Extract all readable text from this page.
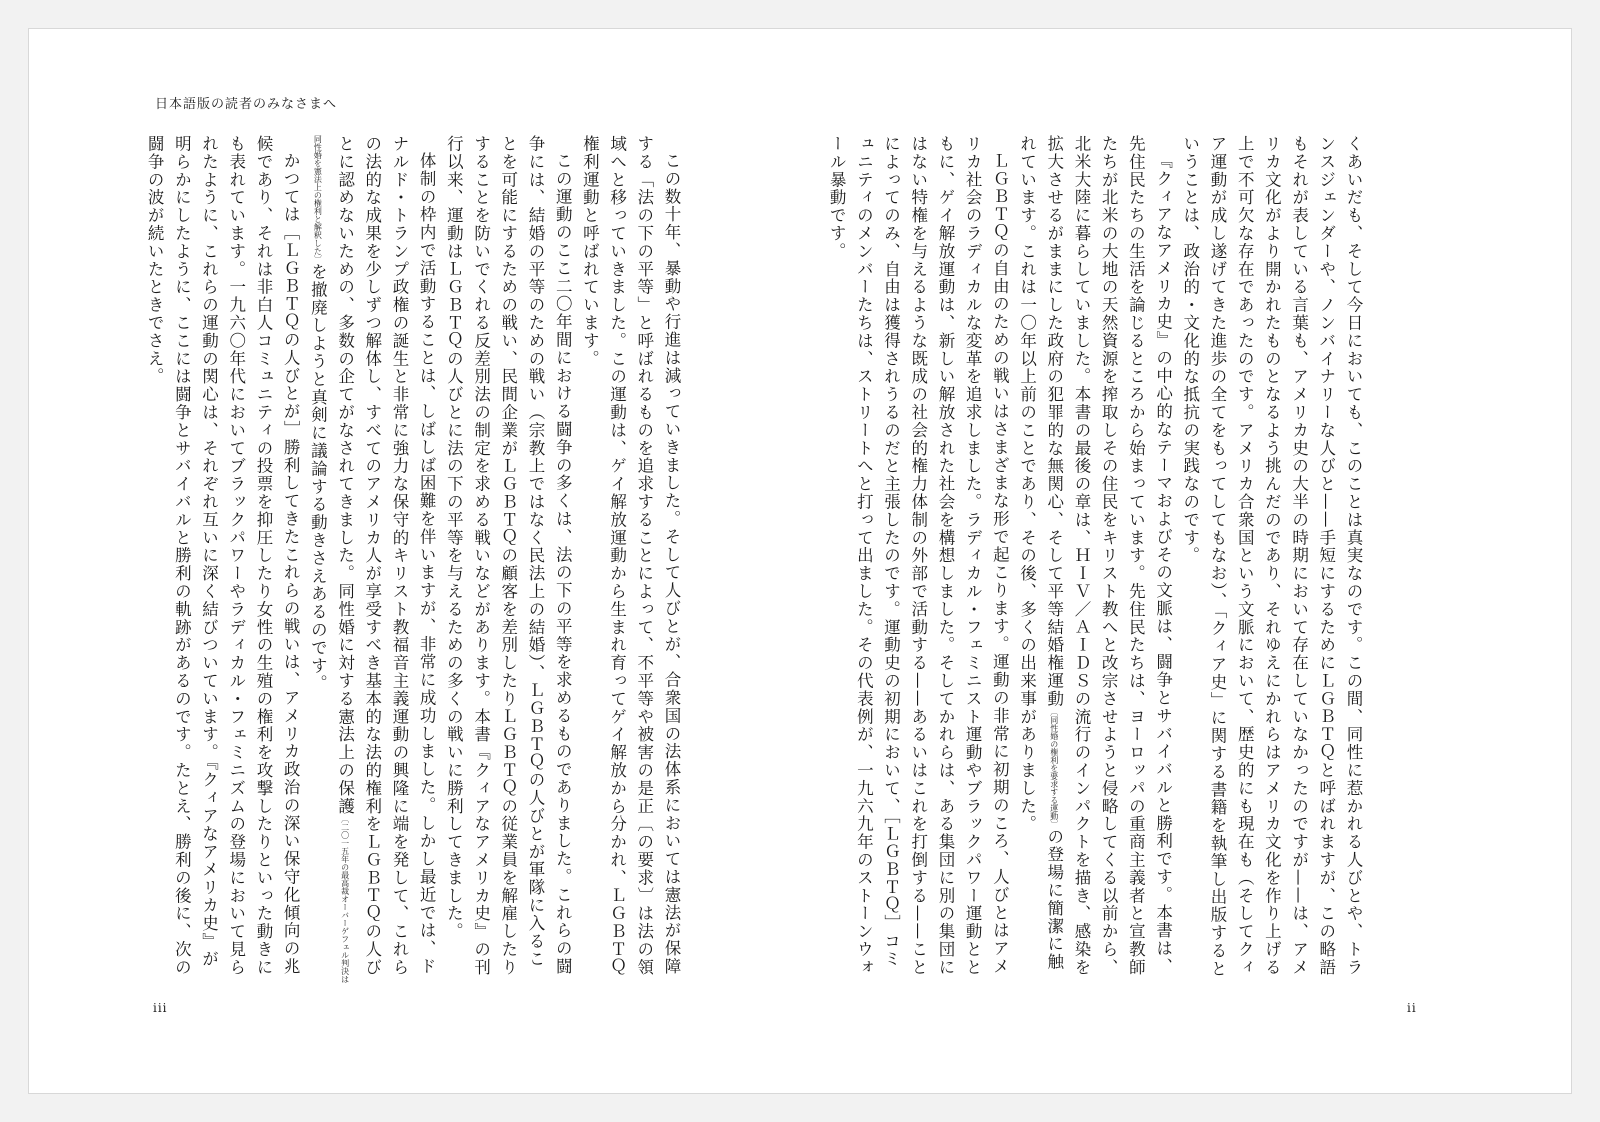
日本語版の読者のみなさまへ

この数十年、暴動や行進は減っていきました。そして人びとが、合衆国の法体系においては憲法が保障する「法の下の平等」と呼ばれるものを追求することによって、不平等や被害の是正〔の要求〕は法の領域へと移っていきました。この運動は、ゲイ解放運動から生まれ育ってゲイ解放から分かれ、ＬＧＢＴＱ権利運動と呼ばれています。

この運動のここ二〇年間における闘争の多くは、法の下の平等を求めるものでありました。これらの闘争には、結婚の平等のための戦い（宗教上ではなく民法上の結婚）、ＬＧＢＴＱの人びとが軍隊に入ることを可能にするための戦い、民間企業がＬＧＢＴＱの顧客を差別したりＬＧＢＴＱの従業員を解雇したりすることを防いでくれる反差別法の制定を求める戦いなどがあります。本書『クィアなアメリカ史』の刊行以来、運動はＬＧＢＴＱの人びとに法の下の平等を与えるための多くの戦いに勝利してきました。

体制の枠内で活動することは、しばしば困難を伴いますが、非常に成功しました。しかし最近では、ドナルド・トランプ政権の誕生と非常に強力な保守的キリスト教福音主義運動の興隆に端を発して、これらの法的な成果を少しずつ解体し、すべてのアメリカ人が享受すべき基本的な法的権利をＬＧＢＴＱの人びとに認めないための、多数の企てがなされてきました。同性婚に対する憲法上の保護〔二〇一五年の最高裁オーバーゲフェル判決は同性婚を憲法上の権利と解釈した〕を撤廃しようと真剣に議論する動きさえあるのです。

かつては［ＬＧＢＴＱの人びとが］勝利してきたこれらの戦いは、アメリカ政治の深い保守化傾向の兆候であり、それは非白人コミュニティの投票を抑圧したり女性の生殖の権利を攻撃したりといった動きにも表れています。一九六〇年代においてブラックパワーやラディカル・フェミニズムの登場において見られたように、これらの運動の関心は、それぞれ互いに深く結びついています。『クィアなアメリカ史』が明らかにしたように、ここには闘争とサバイバルと勝利の軌跡があるのです。たとえ、勝利の後に、次の闘争の波が続いたときでさえ。	くあいだも、そして今日においても、このことは真実なのです。この間、同性に惹かれる人びとや、トランスジェンダーや、ノンバイナリーな人びと——手短にするためにＬＧＢＴＱと呼ばれますが、この略語もそれが表している言葉も、アメリカ史の大半の時期において存在していなかったのですが——は、アメリカ文化がより開かれたものとなるよう挑んだのであり、それゆえにかれらはアメリカ文化を作り上げる上で不可欠な存在であったのです。アメリカ合衆国という文脈において、歴史的にも現在も（そしてクィア運動が成し遂げてきた進歩の全てをもってしてもなお）、「クィア史」に関する書籍を執筆し出版するということは、政治的・文化的な抵抗の実践なのです。

『クィアなアメリカ史』の中心的なテーマおよびその文脈は、闘争とサバイバルと勝利です。本書は、先住民たちの生活を論じるところから始まっています。先住民たちは、ヨーロッパの重商主義者と宣教師たちが北米の大地の天然資源を搾取しその住民をキリスト教へと改宗させようと侵略してくる以前から、北米大陸に暮らしていました。本書の最後の章は、ＨＩＶ／ＡＩＤＳの流行のインパクトを描き、感染を拡大させるがままにした政府の犯罪的な無関心、そして平等結婚権運動〔同性婚の権利を要求する運動〕の登場に簡潔に触れています。これは一〇年以上前のことであり、その後、多くの出来事がありました。

ＬＧＢＴＱの自由のための戦いはさまざまな形で起こります。運動の非常に初期のころ、人びとはアメリカ社会のラディカルな変革を追求しました。ラディカル・フェミニスト運動やブラックパワー運動とともに、ゲイ解放運動は、新しい解放された社会を構想しました。そしてかれらは、ある集団に別の集団にはない特権を与えるような既成の社会的権力体制の外部で活動する——あるいはこれを打倒する——ことによってのみ、自由は獲得されうるのだと主張したのです。運動史の初期において、［ＬＧＢＴＱ］コミュニティのメンバーたちは、ストリートへと打って出ました。その代表例が、一九六九年のストーンウォール暴動です。

iii	ii
